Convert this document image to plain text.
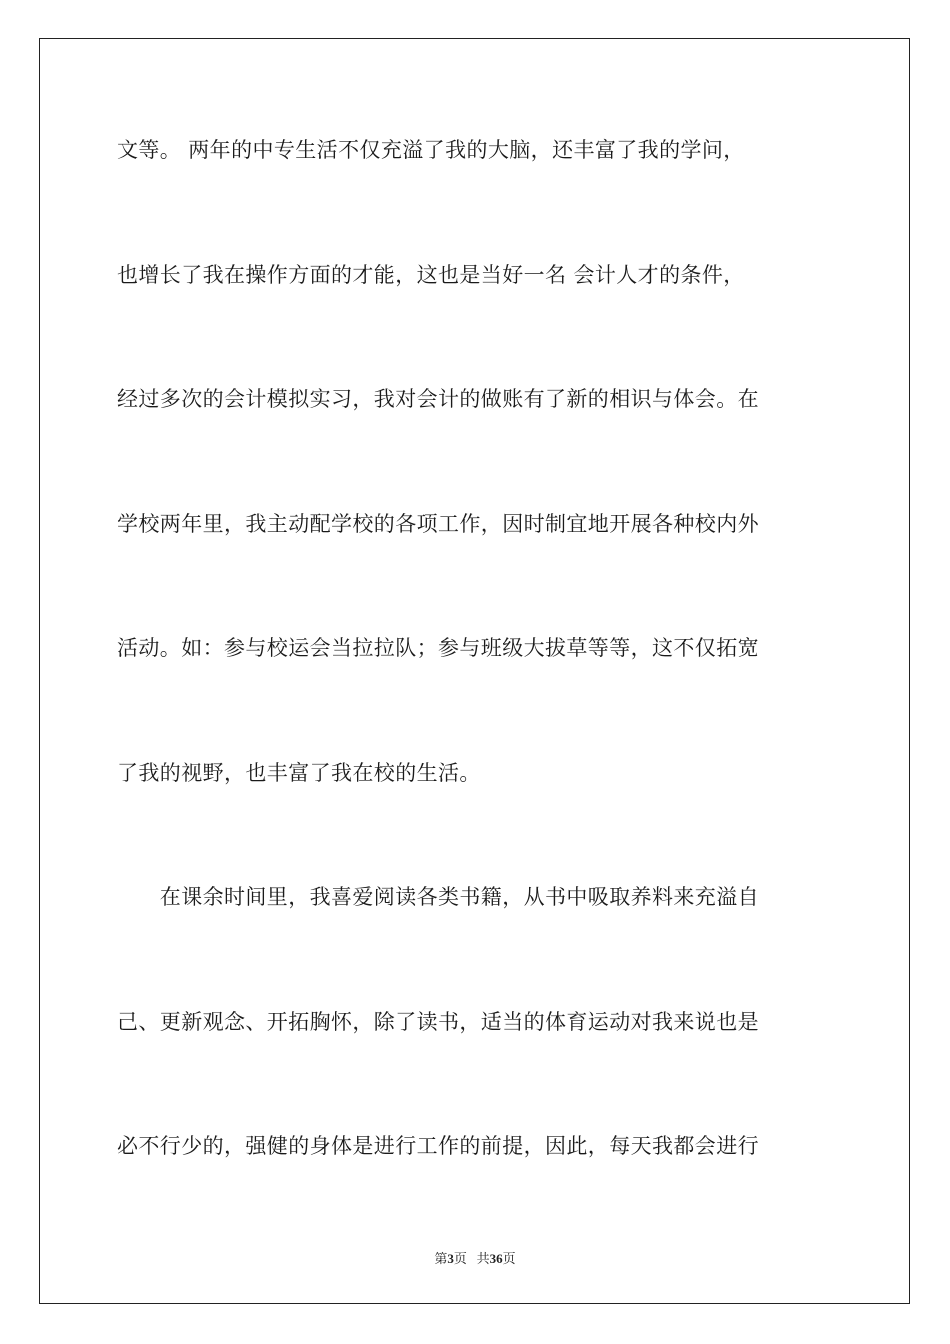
文等。 两年的中专生活不仅充溢了我的大脑，还丰富了我的学问，
也增长了我在操作方面的才能，这也是当好一名 会计人才的条件，
经过多次的会计模拟实习，我对会计的做账有了新的相识与体会。在
学校两年里，我主动配学校的各项工作，因时制宜地开展各种校内外
活动。如：参与校运会当拉拉队；参与班级大拔草等等，这不仅拓宽
了我的视野，也丰富了我在校的生活。
　　在课余时间里，我喜爱阅读各类书籍，从书中吸取养料来充溢自
己、更新观念、开拓胸怀，除了读书，适当的体育运动对我来说也是
必不行少的，强健的身体是进行工作的前提，因此，每天我都会进行
第3页 共36页
